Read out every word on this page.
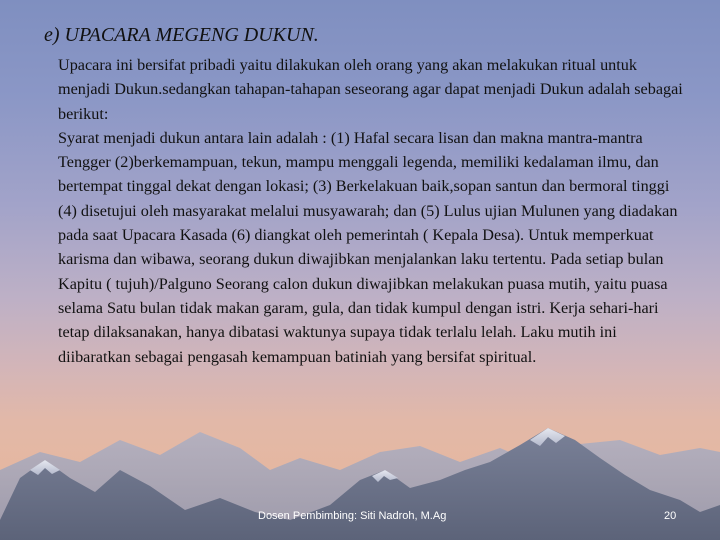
e) UPACARA MEGENG DUKUN.

Upacara ini bersifat pribadi yaitu dilakukan oleh orang yang akan melakukan ritual untuk menjadi Dukun.sedangkan tahapan-tahapan seseorang agar dapat menjadi Dukun adalah sebagai berikut:

Syarat menjadi dukun antara lain adalah : (1) Hafal secara lisan dan makna mantra-mantra Tengger (2)berkemampuan, tekun, mampu menggali legenda, memiliki kedalaman ilmu, dan bertempat tinggal dekat dengan lokasi; (3) Berkelakuan baik,sopan santun dan bermoral tinggi (4) disetujui oleh masyarakat melalui musyawarah; dan (5) Lulus ujian Mulunen yang diadakan pada saat Upacara Kasada (6) diangkat oleh pemerintah ( Kepala Desa). Untuk memperkuat karisma dan wibawa, seorang dukun diwajibkan menjalankan laku tertentu. Pada setiap bulan Kapitu ( tujuh)/Palguno Seorang calon dukun diwajibkan melakukan puasa mutih, yaitu puasa selama Satu bulan tidak makan garam, gula, dan tidak kumpul dengan istri. Kerja sehari-hari tetap dilaksanakan, hanya dibatasi waktunya supaya tidak terlalu lelah. Laku mutih ini diibaratkan sebagai pengasah kemampuan batiniah yang bersifat spiritual.

Dosen Pembimbing: Siti Nadroh, M.Ag	20
